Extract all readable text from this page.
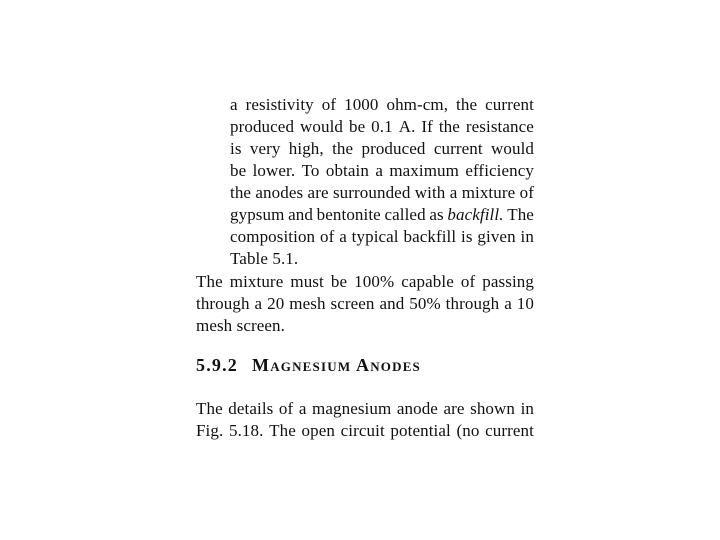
a resistivity of 1000 ohm-cm, the current
produced would be 0.1 A. If the resistance
is very high, the produced current would
be lower. To obtain a maximum efficiency
the anodes are surrounded with a mixture of
gypsum and bentonite called as backfill. The
composition of a typical backfill is given in
Table 5.1.
The mixture must be 100% capable of passing
through a 20 mesh screen and 50% through a 10
mesh screen.
5.9.2 Magnesium Anodes
The details of a magnesium anode are shown in
Fig. 5.18. The open circuit potential (no current
